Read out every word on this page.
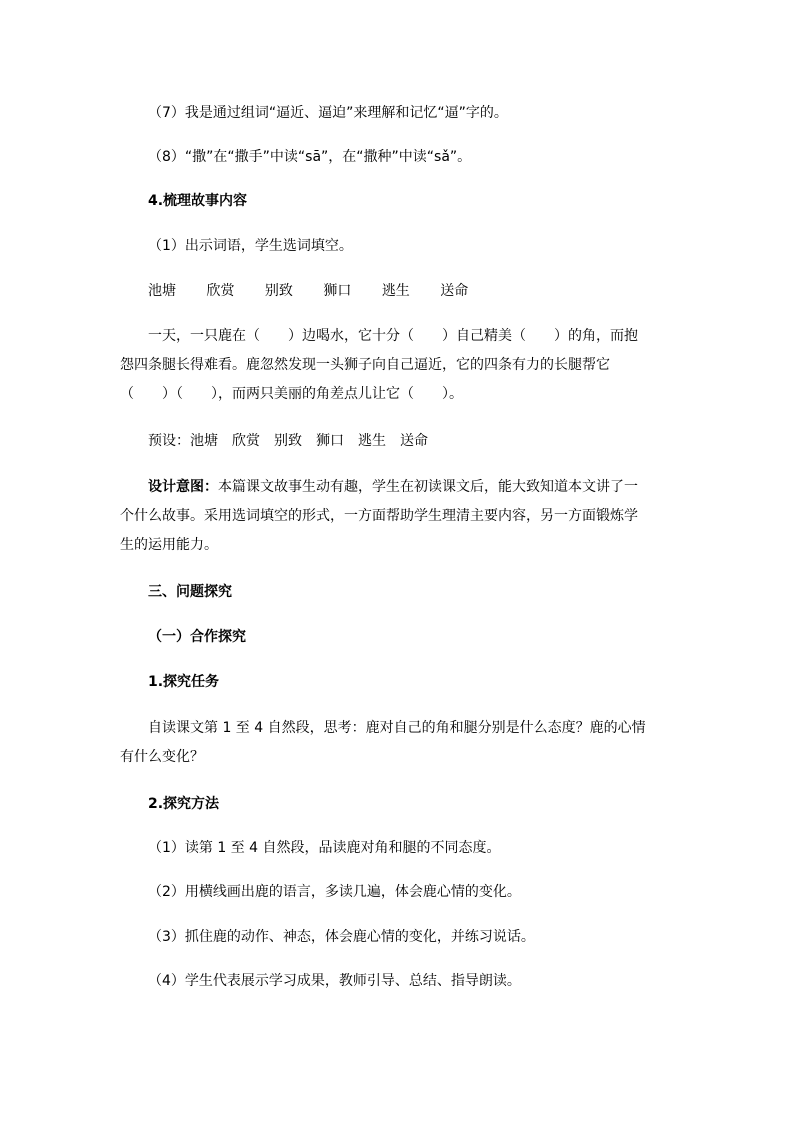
（7）我是通过组词“逼近、逼迫”来理解和记忆“逼”字的。

（8）“撒”在“撒手”中读“sā”，在“撒种”中读“sǎ”。

4.梳理故事内容

（1）出示词语，学生选词填空。

池塘 欣赏 别致 狮口 逃生 送命

一天，一只鹿在（　　）边喝水，它十分（　　）自己精美（　　）的角，而抱怨四条腿长得难看。鹿忽然发现一头狮子向自己逼近，它的四条有力的长腿帮它（　　）（　　），而两只美丽的角差点儿让它（　　）。

预设：池塘　欣赏　别致　狮口　逃生　送命

设计意图：本篇课文故事生动有趣，学生在初读课文后，能大致知道本文讲了一个什么故事。采用选词填空的形式，一方面帮助学生理清主要内容，另一方面锻炼学生的运用能力。

三、问题探究

（一）合作探究

1.探究任务

自读课文第 1 至 4 自然段，思考：鹿对自己的角和腿分别是什么态度？鹿的心情有什么变化？

2.探究方法

（1）读第 1 至 4 自然段，品读鹿对角和腿的不同态度。

（2）用横线画出鹿的语言，多读几遍，体会鹿心情的变化。

（3）抓住鹿的动作、神态，体会鹿心情的变化，并练习说话。

（4）学生代表展示学习成果，教师引导、总结、指导朗读。
